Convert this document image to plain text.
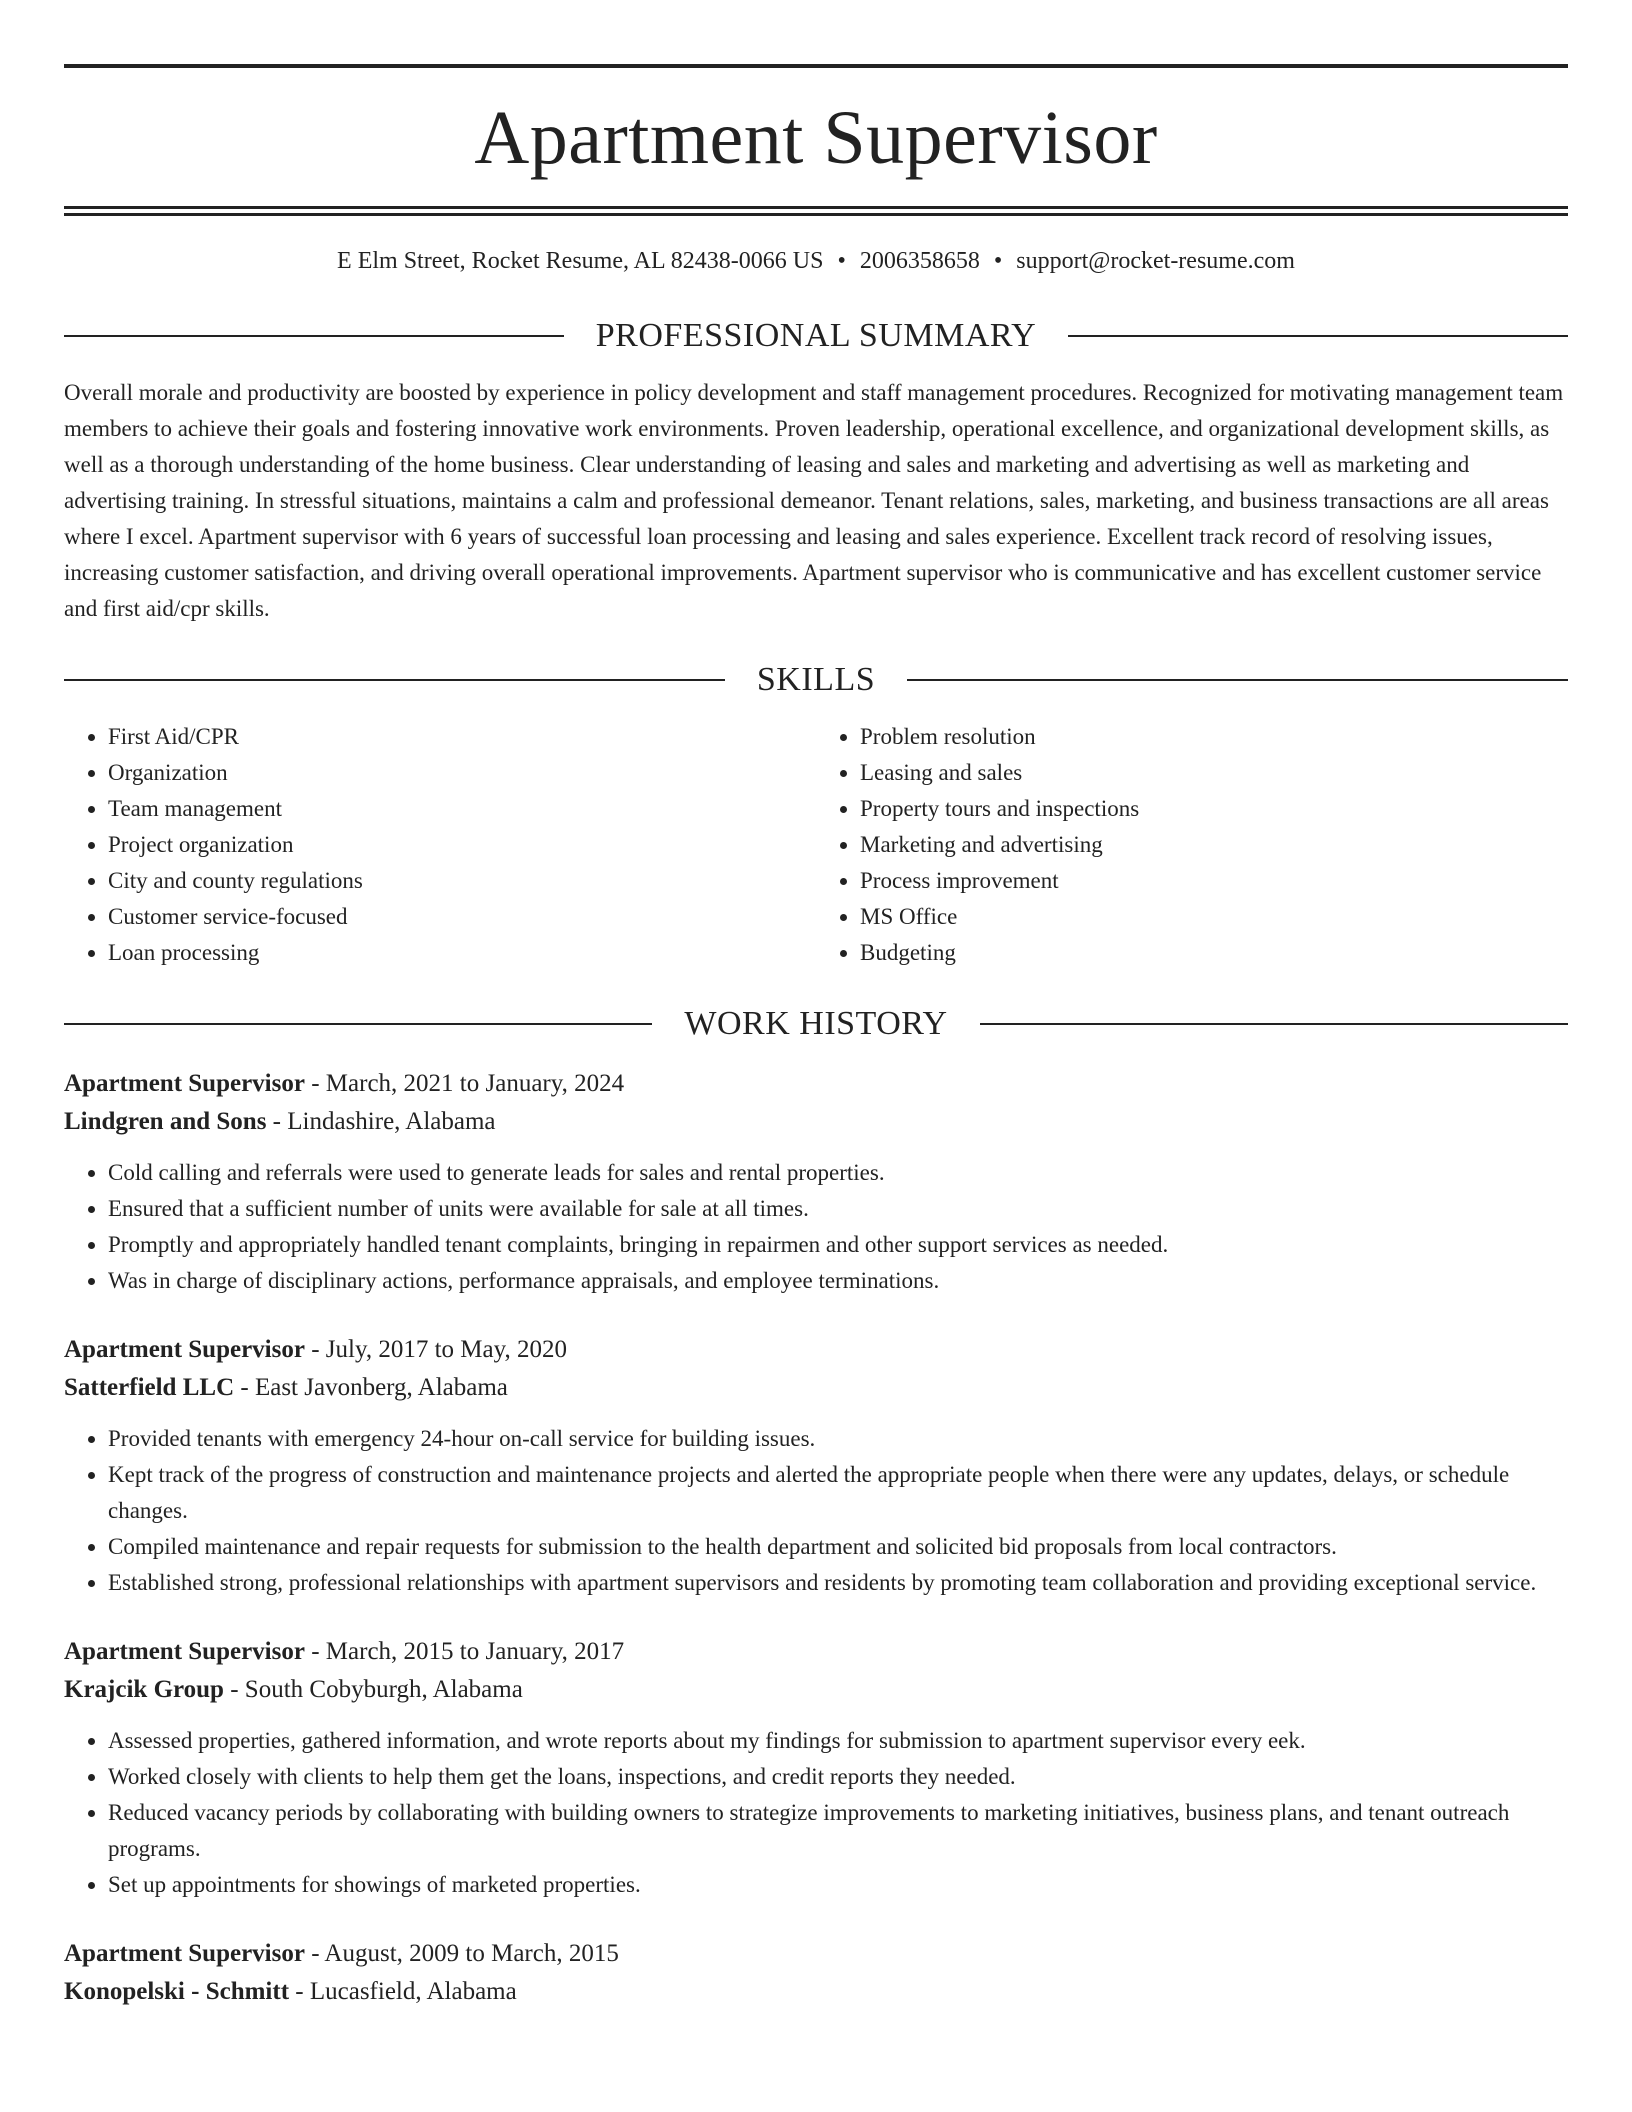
Apartment Supervisor
E Elm Street, Rocket Resume, AL 82438-0066 US • 2006358658 • support@rocket-resume.com
PROFESSIONAL SUMMARY
Overall morale and productivity are boosted by experience in policy development and staff management procedures. Recognized for motivating management team members to achieve their goals and fostering innovative work environments. Proven leadership, operational excellence, and organizational development skills, as well as a thorough understanding of the home business. Clear understanding of leasing and sales and marketing and advertising as well as marketing and advertising training. In stressful situations, maintains a calm and professional demeanor. Tenant relations, sales, marketing, and business transactions are all areas where I excel. Apartment supervisor with 6 years of successful loan processing and leasing and sales experience. Excellent track record of resolving issues, increasing customer satisfaction, and driving overall operational improvements. Apartment supervisor who is communicative and has excellent customer service and first aid/cpr skills.
SKILLS
• First Aid/CPR
• Organization
• Team management
• Project organization
• City and county regulations
• Customer service-focused
• Loan processing
• Problem resolution
• Leasing and sales
• Property tours and inspections
• Marketing and advertising
• Process improvement
• MS Office
• Budgeting
WORK HISTORY
Apartment Supervisor - March, 2021 to January, 2024
Lindgren and Sons - Lindashire, Alabama
• Cold calling and referrals were used to generate leads for sales and rental properties.
• Ensured that a sufficient number of units were available for sale at all times.
• Promptly and appropriately handled tenant complaints, bringing in repairmen and other support services as needed.
• Was in charge of disciplinary actions, performance appraisals, and employee terminations.
Apartment Supervisor - July, 2017 to May, 2020
Satterfield LLC - East Javonberg, Alabama
• Provided tenants with emergency 24-hour on-call service for building issues.
• Kept track of the progress of construction and maintenance projects and alerted the appropriate people when there were any updates, delays, or schedule changes.
• Compiled maintenance and repair requests for submission to the health department and solicited bid proposals from local contractors.
• Established strong, professional relationships with apartment supervisors and residents by promoting team collaboration and providing exceptional service.
Apartment Supervisor - March, 2015 to January, 2017
Krajcik Group - South Cobyburgh, Alabama
• Assessed properties, gathered information, and wrote reports about my findings for submission to apartment supervisor every eek.
• Worked closely with clients to help them get the loans, inspections, and credit reports they needed.
• Reduced vacancy periods by collaborating with building owners to strategize improvements to marketing initiatives, business plans, and tenant outreach programs.
• Set up appointments for showings of marketed properties.
Apartment Supervisor - August, 2009 to March, 2015
Konopelski - Schmitt - Lucasfield, Alabama
